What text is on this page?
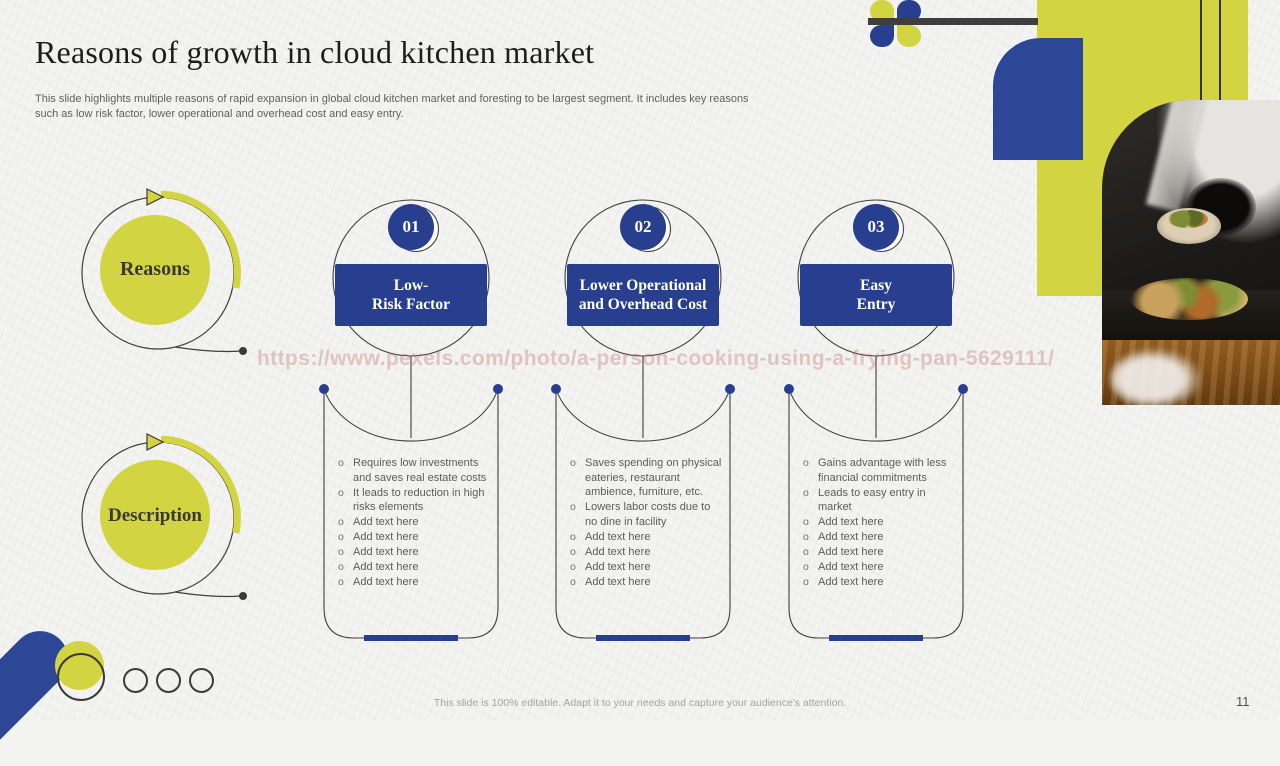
Reasons of growth in cloud kitchen market
This slide highlights multiple reasons of rapid expansion in global cloud kitchen market and foresting to be largest segment. It includes key reasons such as low risk factor, lower operational and overhead cost and easy entry.
Reasons
Description
01
Low-
Risk Factor
o Requires low investments and saves real estate costs
o It leads to reduction in high risks elements
o Add text here
o Add text here
o Add text here
o Add text here
o Add text here
02
Lower Operational
and Overhead Cost
o Saves spending on physical eateries, restaurant ambience, furniture, etc.
o Lowers labor costs due to no dine in facility
o Add text here
o Add text here
o Add text here
o Add text here
03
Easy
Entry
o Gains advantage with less financial commitments
o Leads to easy entry in market
o Add text here
o Add text here
o Add text here
o Add text here
o Add text here
https://www.pexels.com/photo/a-person-cooking-using-a-frying-pan-5629111/
This slide is 100% editable. Adapt it to your needs and capture your audience's attention.	11
